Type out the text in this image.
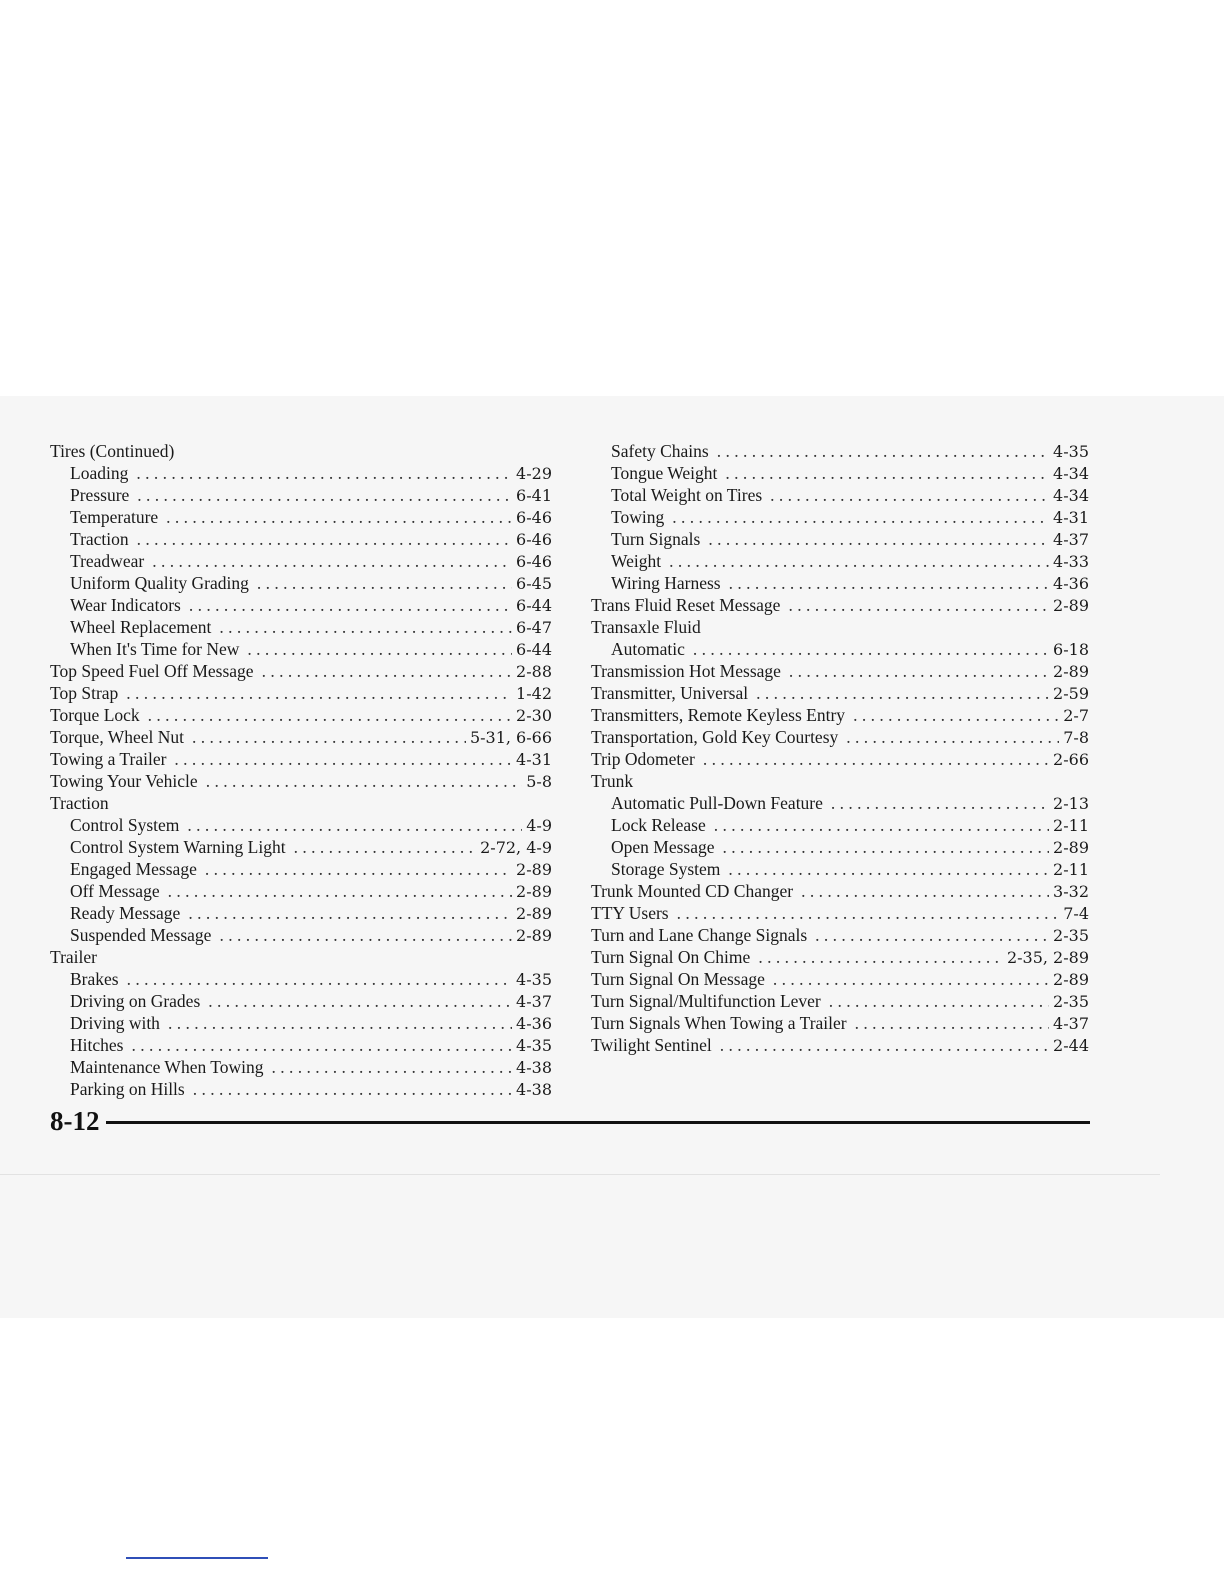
Tires (Continued)
Loading . . .	4-29
Pressure . . .	6-41
Temperature . . .	6-46
Traction . . .	6-46
Treadwear . . .	6-46
Uniform Quality Grading . . .	6-45
Wear Indicators . . .	6-44
Wheel Replacement . . .	6-47
When It's Time for New . . .	6-44
Top Speed Fuel Off Message . . .	2-88
Top Strap . . .	1-42
Torque Lock . . .	2-30
Torque, Wheel Nut . . .	5-31, 6-66
Towing a Trailer . . .	4-31
Towing Your Vehicle . . .	5-8
Traction
Control System . . .	4-9
Control System Warning Light . . .	2-72, 4-9
Engaged Message . . .	2-89
Off Message . . .	2-89
Ready Message . . .	2-89
Suspended Message . . .	2-89
Trailer
Brakes . . .	4-35
Driving on Grades . . .	4-37
Driving with . . .	4-36
Hitches . . .	4-35
Maintenance When Towing . . .	4-38
Parking on Hills . . .	4-38
Safety Chains . . .	4-35
Tongue Weight . . .	4-34
Total Weight on Tires . . .	4-34
Towing . . .	4-31
Turn Signals . . .	4-37
Weight . . .	4-33
Wiring Harness . . .	4-36
Trans Fluid Reset Message . . .	2-89
Transaxle Fluid
Automatic . . .	6-18
Transmission Hot Message . . .	2-89
Transmitter, Universal . . .	2-59
Transmitters, Remote Keyless Entry . . .	2-7
Transportation, Gold Key Courtesy . . .	7-8
Trip Odometer . . .	2-66
Trunk
Automatic Pull-Down Feature . . .	2-13
Lock Release . . .	2-11
Open Message . . .	2-89
Storage System . . .	2-11
Trunk Mounted CD Changer . . .	3-32
TTY Users . . .	7-4
Turn and Lane Change Signals . . .	2-35
Turn Signal On Chime . . .	2-35, 2-89
Turn Signal On Message . . .	2-89
Turn Signal/Multifunction Lever . . .	2-35
Turn Signals When Towing a Trailer . . .	4-37
Twilight Sentinel . . .	2-44
8-12
